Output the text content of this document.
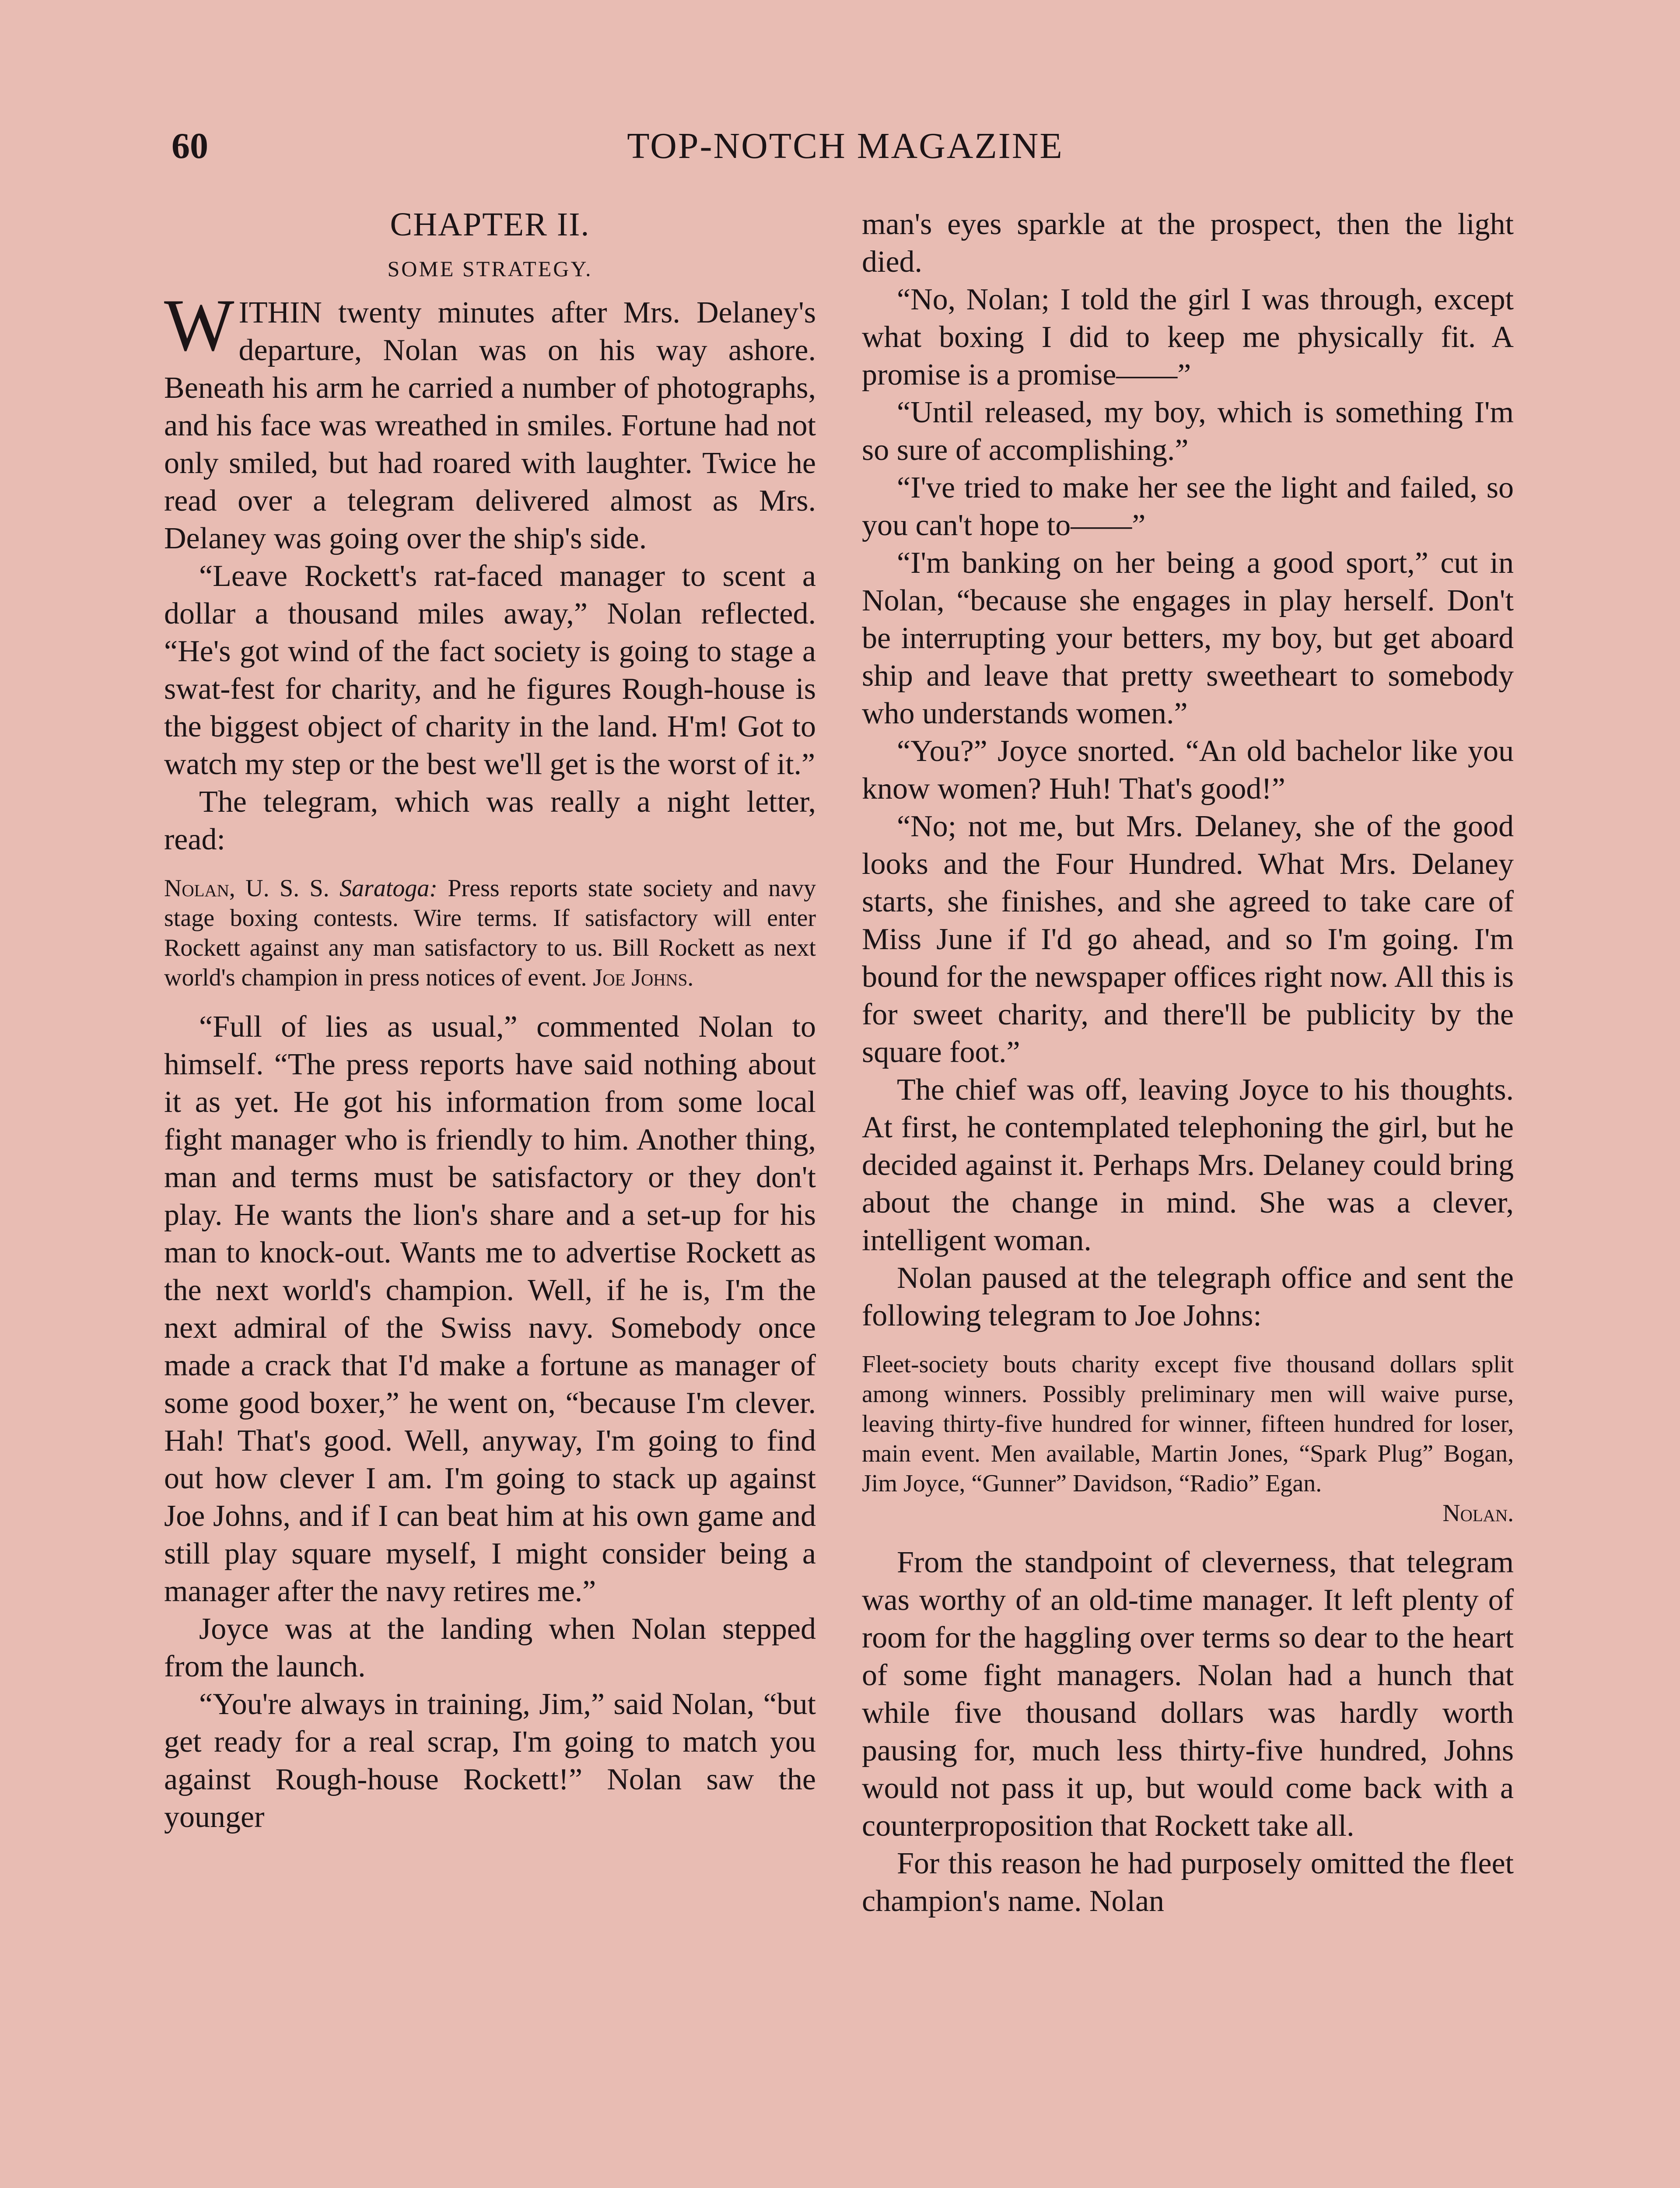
TOP-NOTCH MAGAZINE
60
CHAPTER II.
SOME STRATEGY.

WITHIN twenty minutes after Mrs. Delaney's departure, Nolan was on his way ashore. Beneath his arm he carried a number of photographs, and his face was wreathed in smiles. Fortune had not only smiled, but had roared with laughter. Twice he read over a telegram delivered almost as Mrs. Delaney was going over the ship's side.

“Leave Rockett's rat-faced manager to scent a dollar a thousand miles away,” Nolan reflected. “He's got wind of the fact society is going to stage a swat-fest for charity, and he figures Rough-house is the biggest object of charity in the land. H'm! Got to watch my step or the best we'll get is the worst of it.”

The telegram, which was really a night letter, read:

Nolan, U. S. S. Saratoga: Press reports state society and navy stage boxing contests. Wire terms. If satisfactory will enter Rockett against any man satisfactory to us. Bill Rockett as next world's champion in press notices of event. Joe Johns.

“Full of lies as usual,” commented Nolan to himself. “The press reports have said nothing about it as yet. He got his information from some local fight manager who is friendly to him. Another thing, man and terms must be satisfactory or they don't play. He wants the lion's share and a set-up for his man to knock-out. Wants me to advertise Rockett as the next world's champion. Well, if he is, I'm the next admiral of the Swiss navy. Somebody once made a crack that I'd make a fortune as manager of some good boxer,” he went on, “because I'm clever. Hah! That's good. Well, anyway, I'm going to find out how clever I am. I'm going to stack up against Joe Johns, and if I can beat him at his own game and still play square myself, I might consider being a manager after the navy retires me.”

Joyce was at the landing when Nolan stepped from the launch.

“You're always in training, Jim,” said Nolan, “but get ready for a real scrap, I'm going to match you against Rough-house Rockett!” Nolan saw the younger

man's eyes sparkle at the prospect, then the light died.

“No, Nolan; I told the girl I was through, except what boxing I did to keep me physically fit. A promise is a promise——”

“Until released, my boy, which is something I'm so sure of accomplishing.”

“I've tried to make her see the light and failed, so you can't hope to——”

“I'm banking on her being a good sport,” cut in Nolan, “because she engages in play herself. Don't be interrupting your betters, my boy, but get aboard ship and leave that pretty sweetheart to somebody who understands women.”

“You?” Joyce snorted. “An old bachelor like you know women? Huh! That's good!”

“No; not me, but Mrs. Delaney, she of the good looks and the Four Hundred. What Mrs. Delaney starts, she finishes, and she agreed to take care of Miss June if I'd go ahead, and so I'm going. I'm bound for the newspaper offices right now. All this is for sweet charity, and there'll be publicity by the square foot.”

The chief was off, leaving Joyce to his thoughts. At first, he contemplated telephoning the girl, but he decided against it. Perhaps Mrs. Delaney could bring about the change in mind. She was a clever, intelligent woman.

Nolan paused at the telegraph office and sent the following telegram to Joe Johns:

Fleet-society bouts charity except five thousand dollars split among winners. Possibly preliminary men will waive purse, leaving thirty-five hundred for winner, fifteen hundred for loser, main event. Men available, Martin Jones, “Spark Plug” Bogan, Jim Joyce, “Gunner” Davidson, “Radio” Egan.
Nolan.

From the standpoint of cleverness, that telegram was worthy of an old-time manager. It left plenty of room for the haggling over terms so dear to the heart of some fight managers. Nolan had a hunch that while five thousand dollars was hardly worth pausing for, much less thirty-five hundred, Johns would not pass it up, but would come back with a counterproposition that Rockett take all.

For this reason he had purposely omitted the fleet champion's name. Nolan
